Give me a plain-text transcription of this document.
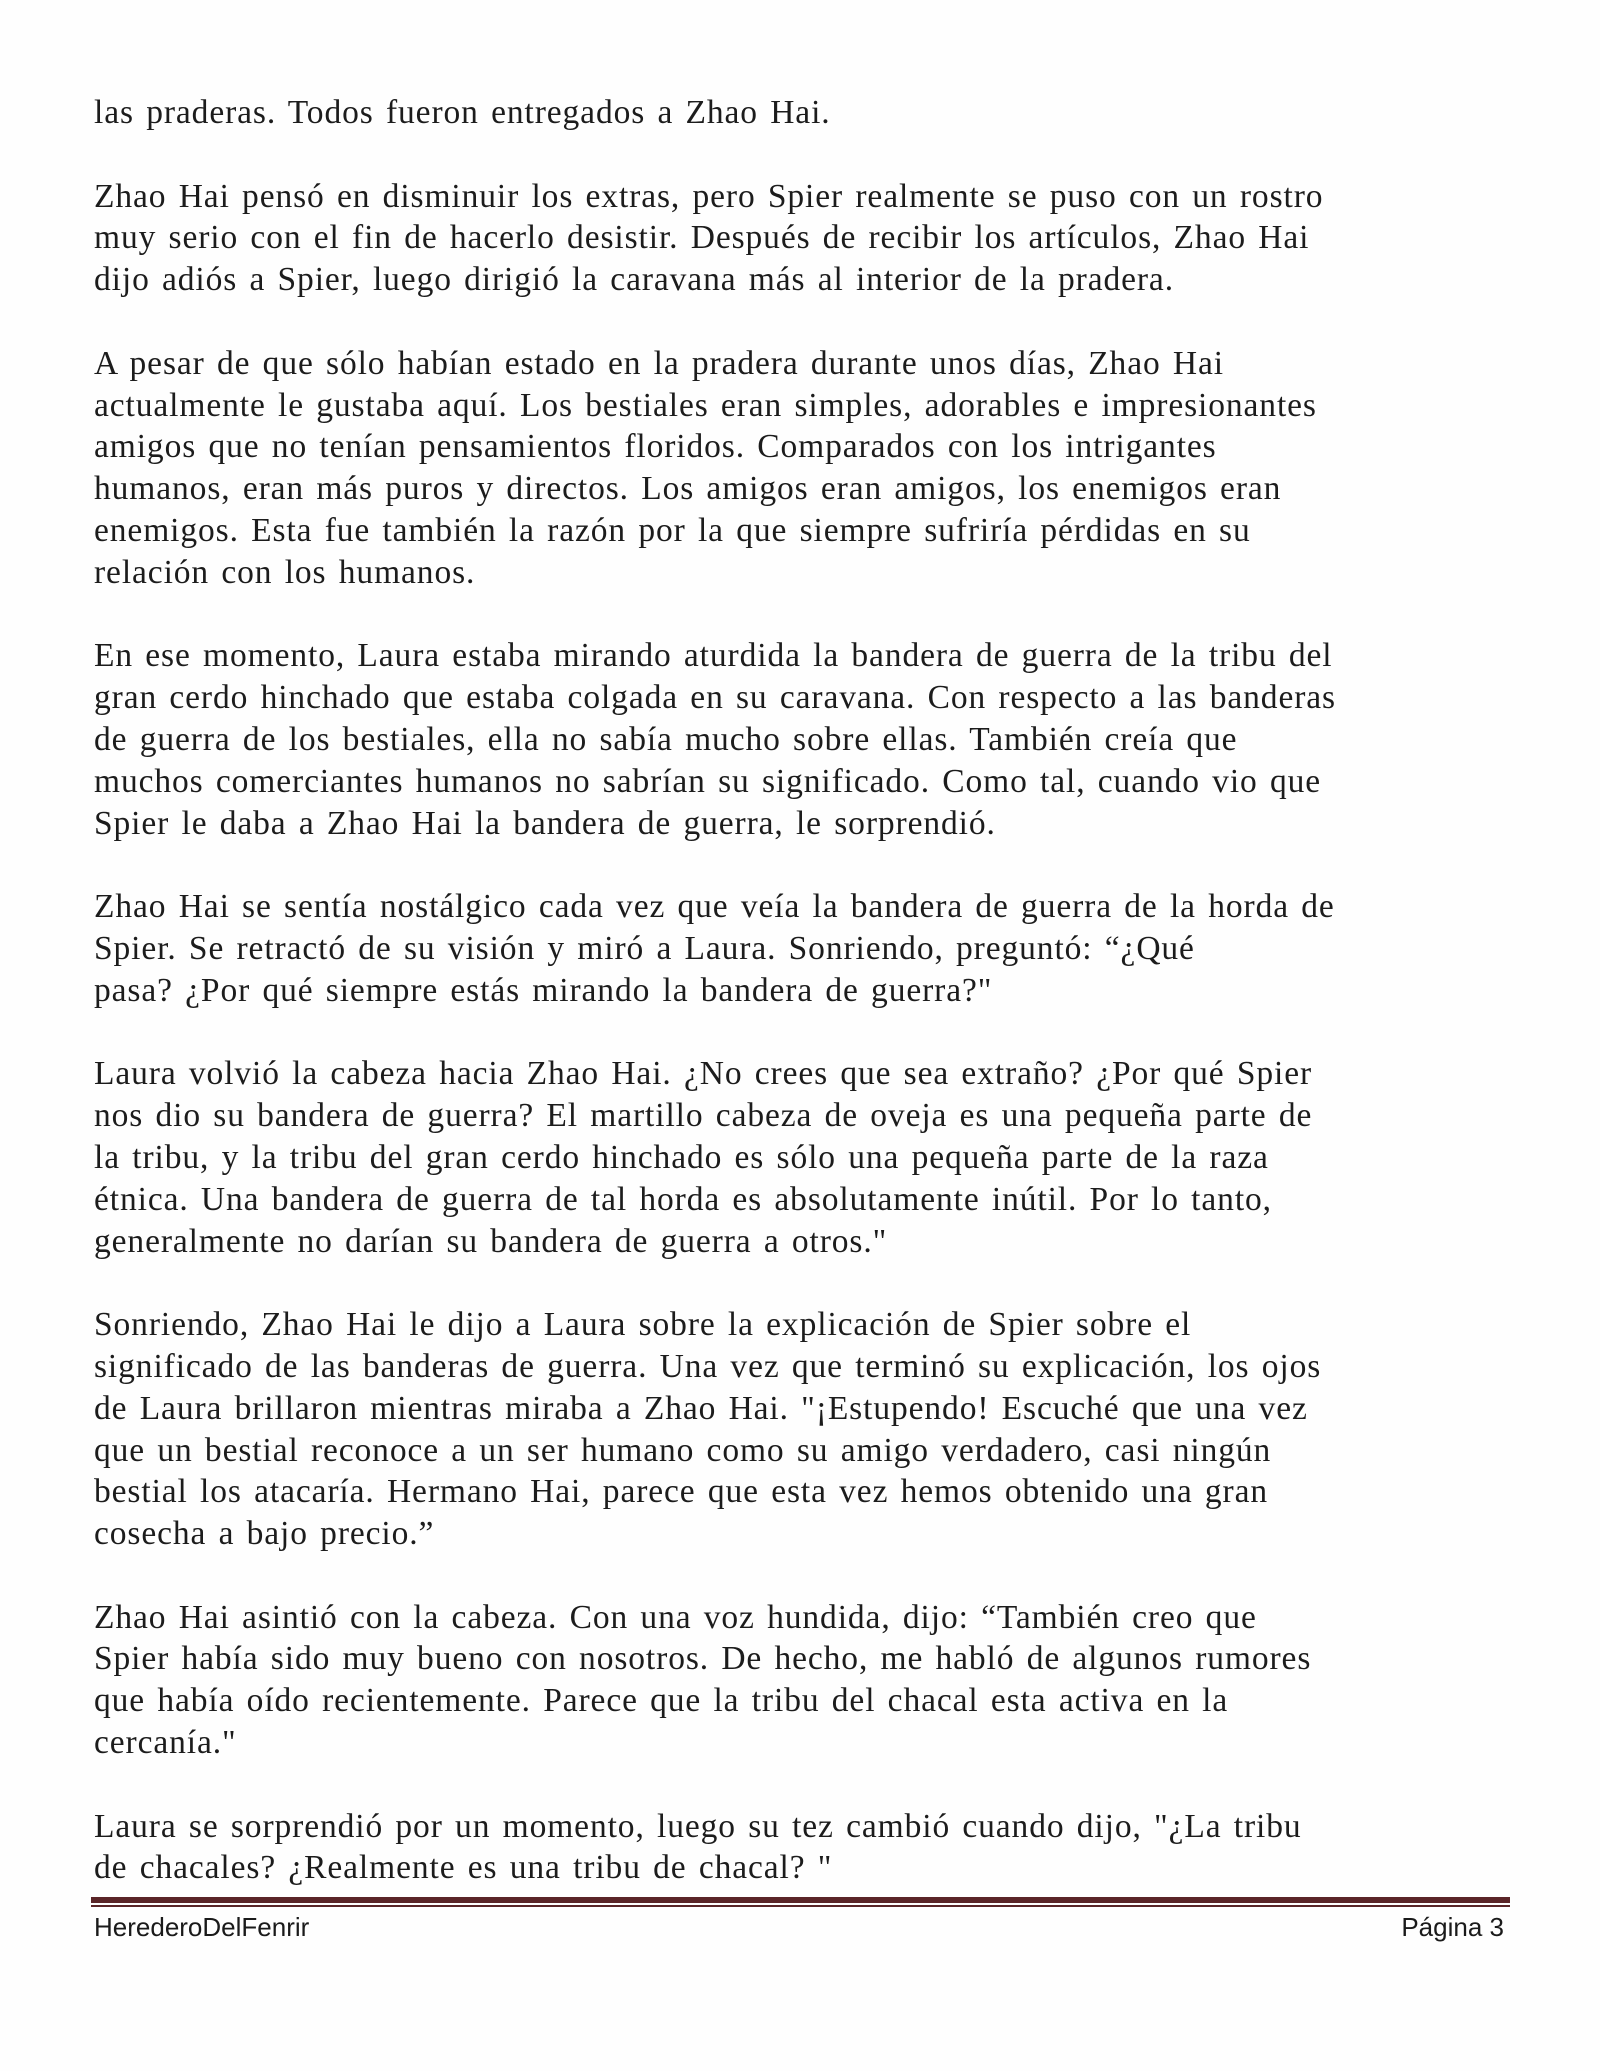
las praderas. Todos fueron entregados a Zhao Hai.

Zhao Hai pensó en disminuir los extras, pero Spier realmente se puso con un rostro
muy serio con el fin de hacerlo desistir. Después de recibir los artículos, Zhao Hai
dijo adiós a Spier, luego dirigió la caravana más al interior de la pradera.

A pesar de que sólo habían estado en la pradera durante unos días, Zhao Hai
actualmente le gustaba aquí. Los bestiales eran simples, adorables e impresionantes
amigos que no tenían pensamientos floridos. Comparados con los intrigantes
humanos, eran más puros y directos. Los amigos eran amigos, los enemigos eran
enemigos. Esta fue también la razón por la que siempre sufriría pérdidas en su
relación con los humanos.

En ese momento, Laura estaba mirando aturdida la bandera de guerra de la tribu del
gran cerdo hinchado que estaba colgada en su caravana. Con respecto a las banderas
de guerra de los bestiales, ella no sabía mucho sobre ellas. También creía que
muchos comerciantes humanos no sabrían su significado. Como tal, cuando vio que
Spier le daba a Zhao Hai la bandera de guerra, le sorprendió.

Zhao Hai se sentía nostálgico cada vez que veía la bandera de guerra de la horda de
Spier. Se retractó de su visión y miró a Laura. Sonriendo, preguntó: “¿Qué
pasa? ¿Por qué siempre estás mirando la bandera de guerra?"

Laura volvió la cabeza hacia Zhao Hai. ¿No crees que sea extraño? ¿Por qué Spier
nos dio su bandera de guerra? El martillo cabeza de oveja es una pequeña parte de
la tribu, y la tribu del gran cerdo hinchado es sólo una pequeña parte de la raza
étnica. Una bandera de guerra de tal horda es absolutamente inútil. Por lo tanto,
generalmente no darían su bandera de guerra a otros."

Sonriendo, Zhao Hai le dijo a Laura sobre la explicación de Spier sobre el
significado de las banderas de guerra. Una vez que terminó su explicación, los ojos
de Laura brillaron mientras miraba a Zhao Hai. "¡Estupendo! Escuché que una vez
que un bestial reconoce a un ser humano como su amigo verdadero, casi ningún
bestial los atacaría. Hermano Hai, parece que esta vez hemos obtenido una gran
cosecha a bajo precio.”

Zhao Hai asintió con la cabeza. Con una voz hundida, dijo: “También creo que
Spier había sido muy bueno con nosotros. De hecho, me habló de algunos rumores
que había oído recientemente. Parece que la tribu del chacal esta activa en la
cercanía."

Laura se sorprendió por un momento, luego su tez cambió cuando dijo, "¿La tribu
de chacales? ¿Realmente es una tribu de chacal? "

HerederoDelFenrir	Página 3
